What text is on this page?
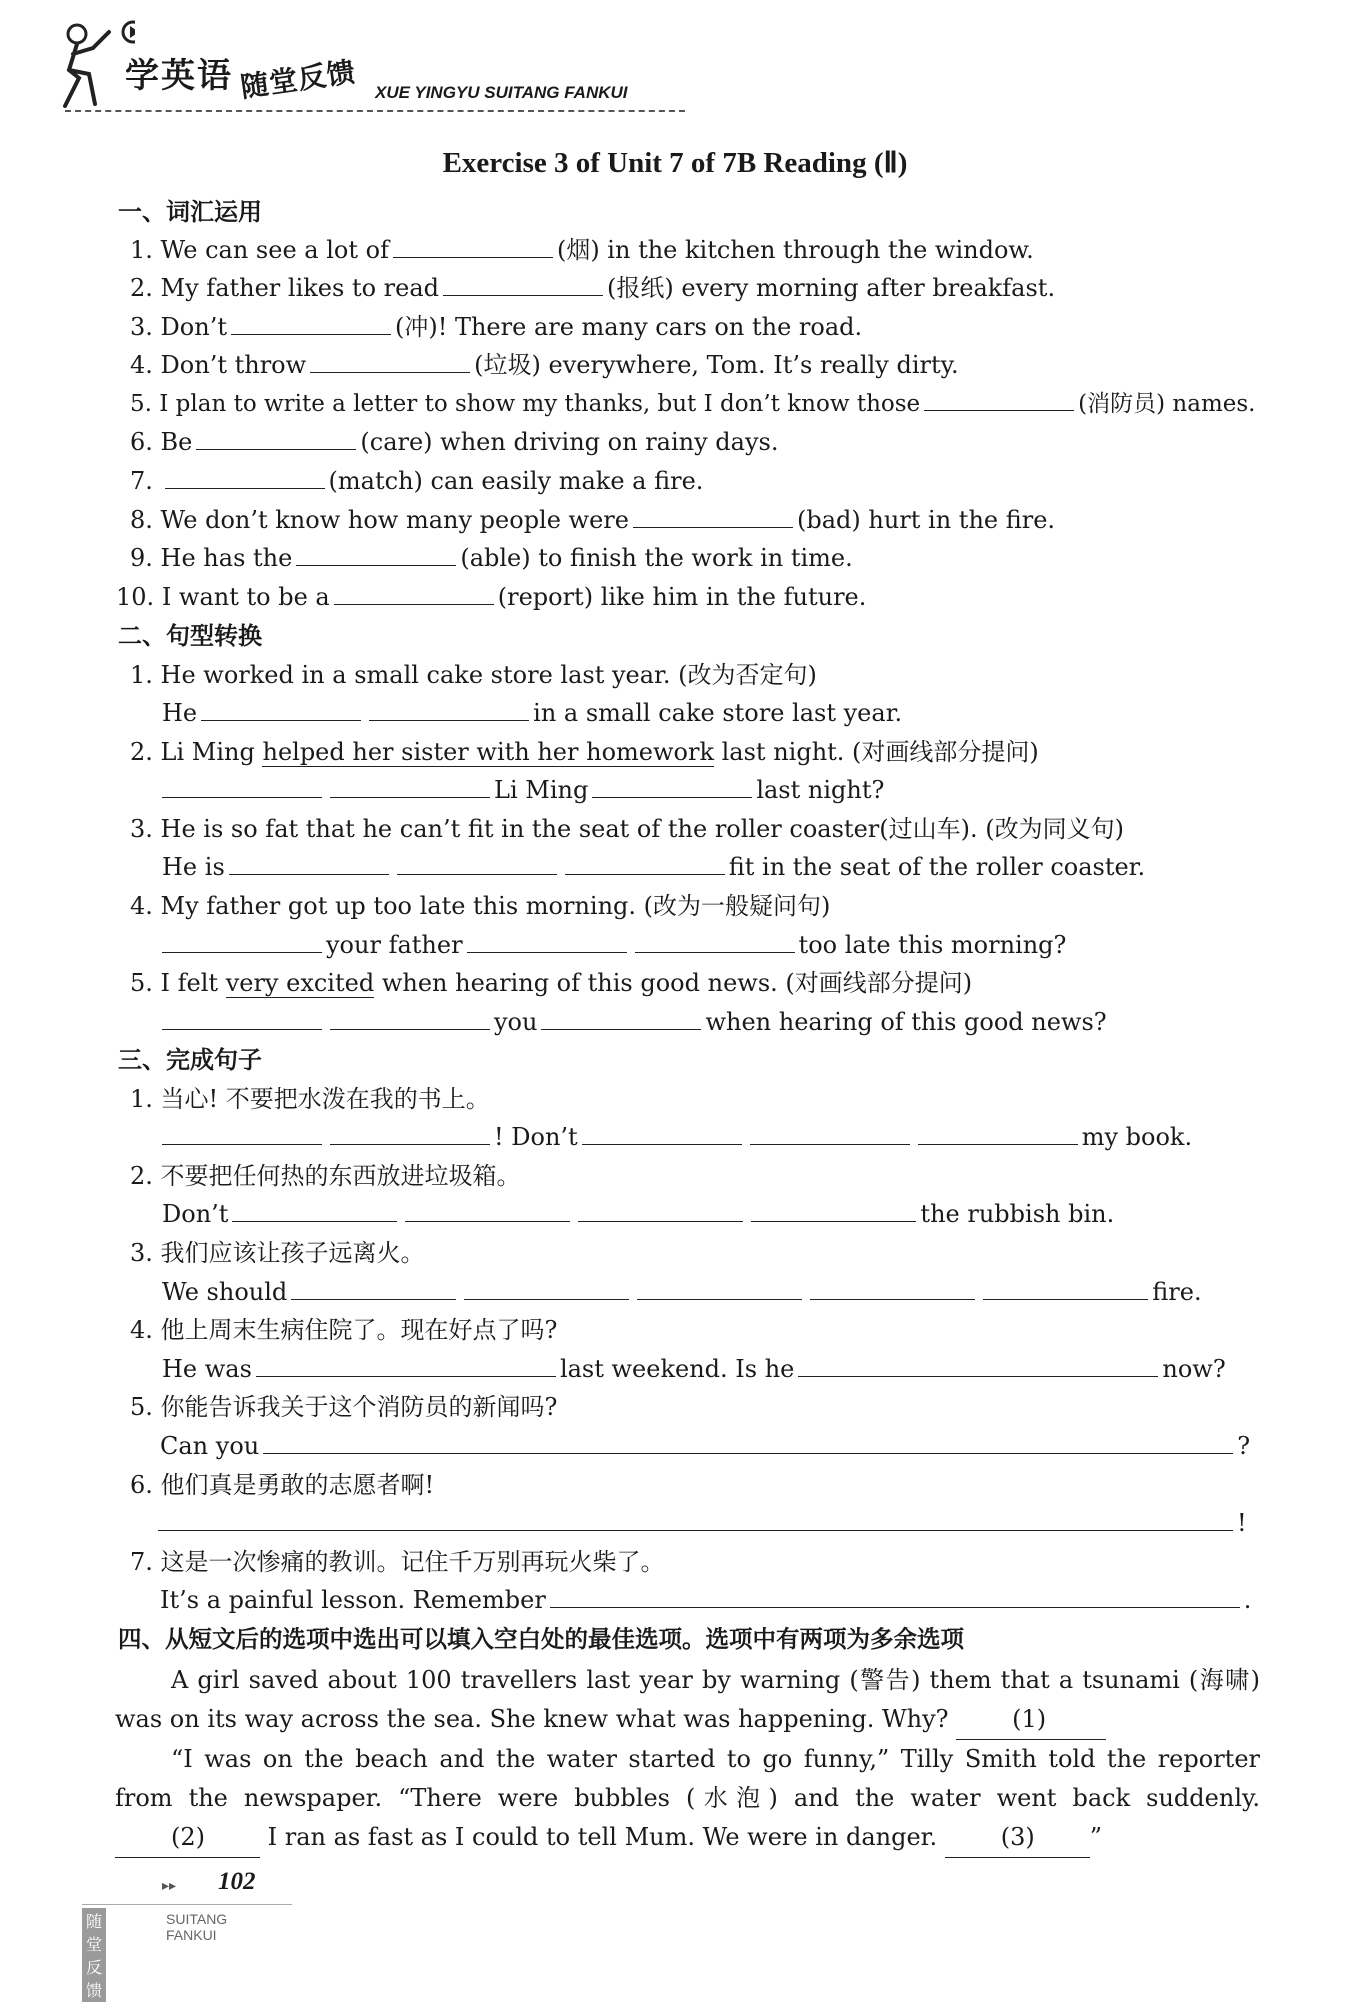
学英语 随堂反馈 XUE YINGYU SUITANG FANKUI
Exercise 3 of Unit 7 of 7B Reading (Ⅱ)
一、词汇运用
1. We can see a lot of	(烟) in the kitchen through the window.
2. My father likes to read	(报纸) every morning after breakfast.
3. Don’t	(冲)! There are many cars on the road.
4. Don’t throw	(垃圾) everywhere, Tom. It’s really dirty.
5. I plan to write a letter to show my thanks, but I don’t know those	(消防员) names.
6. Be	(care) when driving on rainy days.
7.	(match) can easily make a fire.
8. We don’t know how many people were	(bad) hurt in the fire.
9. He has the	(able) to finish the work in time.
10. I want to be a	(report) like him in the future.
二、句型转换
1. He worked in a small cake store last year. (改为否定句)
He	in a small cake store last year.
2. Li Ming helped her sister with her homework last night. (对画线部分提问)
Li Ming	last night?
3. He is so fat that he can’t fit in the seat of the roller coaster(过山车). (改为同义句)
He is	fit in the seat of the roller coaster.
4. My father got up too late this morning. (改为一般疑问句)
your father	too late this morning?
5. I felt very excited when hearing of this good news. (对画线部分提问)
you	when hearing of this good news?
三、完成句子
1. 当心! 不要把水泼在我的书上。
! Don’t	my book.
2. 不要把任何热的东西放进垃圾箱。
Don’t	the rubbish bin.
3. 我们应该让孩子远离火。
We should	fire.
4. 他上周末生病住院了。现在好点了吗?
He was	last weekend. Is he	now?
5. 你能告诉我关于这个消防员的新闻吗?
Can you	?
6. 他们真是勇敢的志愿者啊!
!
7. 这是一次惨痛的教训。记住千万别再玩火柴了。
It’s a painful lesson. Remember	.
四、从短文后的选项中选出可以填入空白处的最佳选项。选项中有两项为多余选项

A girl saved about 100 travellers last year by warning (警告) them that a tsunami (海啸) was on its way across the sea. She knew what was happening. Why?	(1)

“I was on the beach and the water started to go funny,” Tilly Smith told the reporter from the newspaper. “There were bubbles (水泡) and the water went back suddenly. (2)	I ran as fast as I could to tell Mum. We were in danger.	(3) ”

▸▸ 102
随堂反馈
SUITANG FANKUI
